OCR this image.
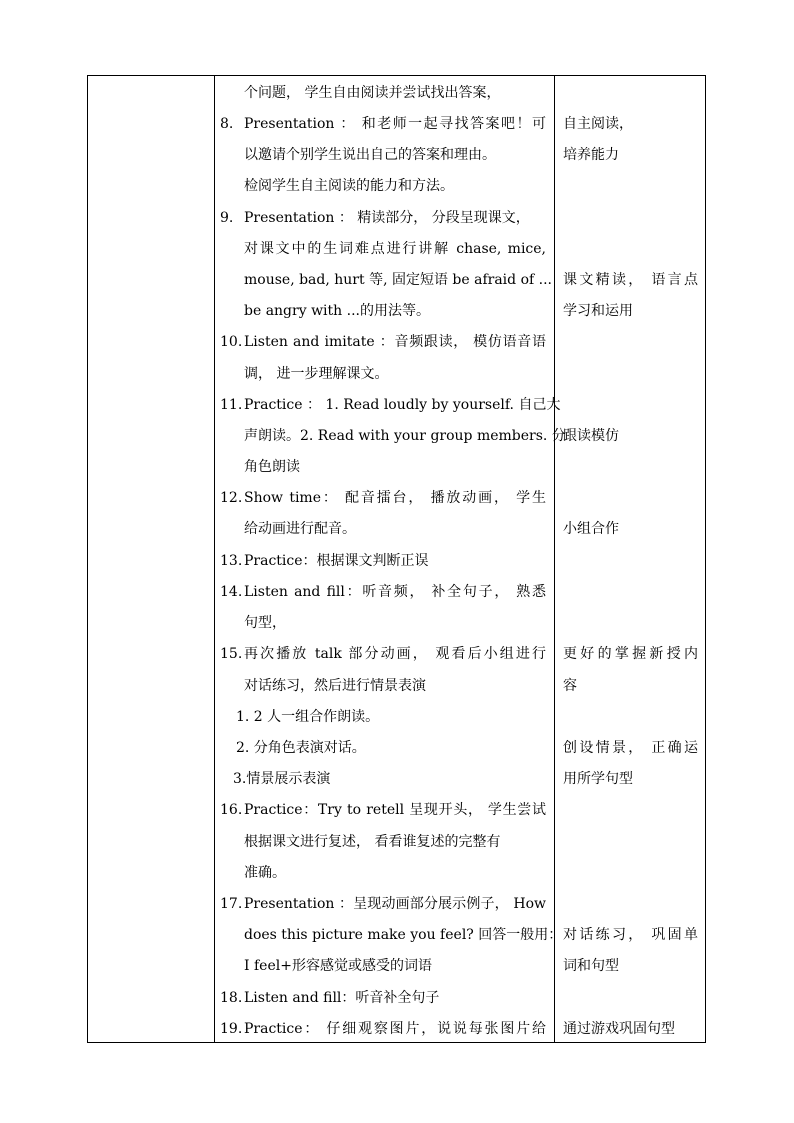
个问题， 学生自由阅读并尝试找出答案，
8. Presentation ： 和老师一起寻找答案吧！可
以邀请个别学生说出自己的答案和理由。
检阅学生自主阅读的能力和方法。
9. Presentation ： 精读部分， 分段呈现课文，
对课文中的生词难点进行讲解 chase, mice,
mouse, bad, hurt 等, 固定短语 be afraid of ...
be angry with ...的用法等。
10. Listen and imitate ：音频跟读， 模仿语音语
调， 进一步理解课文。
11. Practice ： 1. Read loudly by yourself. 自己大
声朗读。2. Read with your group members. 分
角色朗读
12. Show time： 配音擂台， 播放动画， 学生
给动画进行配音。
13. Practice：根据课文判断正误
14. Listen and fill：听音频， 补全句子， 熟悉
句型，
15. 再次播放 talk 部分动画， 观看后小组进行
对话练习，然后进行情景表演
1. 2 人一组合作朗读。
2. 分角色表演对话。
3.情景展示表演
16. Practice：Try to retell 呈现开头， 学生尝试
根据课文进行复述， 看看谁复述的完整有
准确。
17. Presentation ：呈现动画部分展示例子， How
does this picture make you feel? 回答一般用：
I feel+形容感觉或感受的词语
18. Listen and fill：听音补全句子
19. Practice： 仔细观察图片，说说每张图片给
自主阅读，
培养能力
课文精读， 语言点
学习和运用
跟读模仿
小组合作
更好的掌握新授内
容
创设情景， 正确运
用所学句型
对话练习， 巩固单
词和句型
通过游戏巩固句型
